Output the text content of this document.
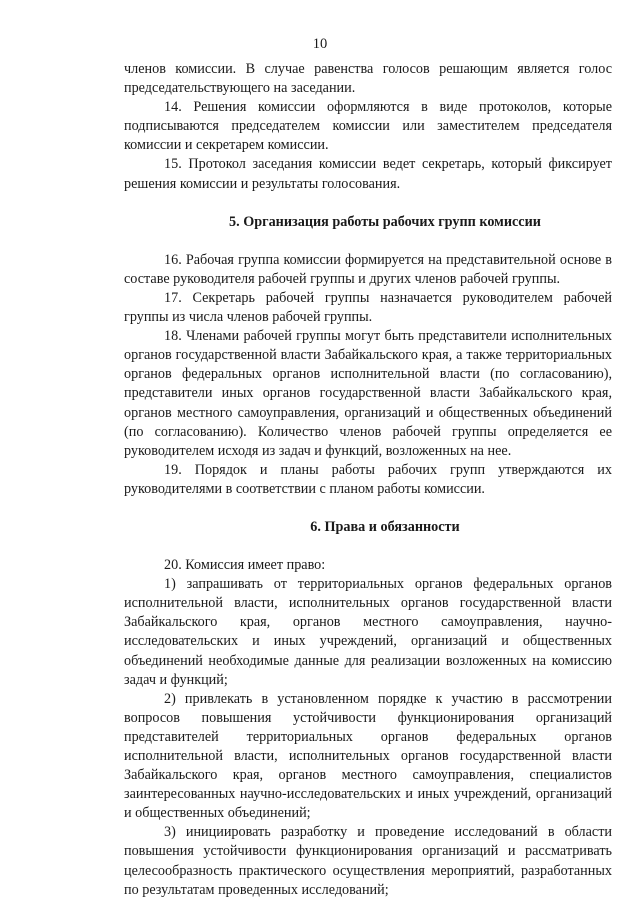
10

членов комиссии. В случае равенства голосов решающим является голос председательствующего на заседании.

14. Решения комиссии оформляются в виде протоколов, которые подписываются председателем комиссии или заместителем председателя комиссии и секретарем комиссии.

15. Протокол заседания комиссии ведет секретарь, который фиксирует решения комиссии и результаты голосования.

5. Организация работы рабочих групп комиссии

16. Рабочая группа комиссии формируется на представительной основе в составе руководителя рабочей группы и других членов рабочей группы.

17. Секретарь рабочей группы назначается руководителем рабочей группы из числа членов рабочей группы.

18. Членами рабочей группы могут быть представители исполнительных органов государственной власти Забайкальского края, а также территориальных органов федеральных органов исполнительной власти (по согласованию), представители иных органов государственной власти Забайкальского края, органов местного самоуправления, организаций и общественных объединений (по согласованию). Количество членов рабочей группы определяется ее руководителем исходя из задач и функций, возложенных на нее.

19. Порядок и планы работы рабочих групп утверждаются их руководителями в соответствии с планом работы комиссии.

6. Права и обязанности

20. Комиссия имеет право:

1) запрашивать от территориальных органов федеральных органов исполнительной власти, исполнительных органов государственной власти Забайкальского края, органов местного самоуправления, научно-исследовательских и иных учреждений, организаций и общественных объединений необходимые данные для реализации возложенных на комиссию задач и функций;

2) привлекать в установленном порядке к участию в рассмотрении вопросов повышения устойчивости функционирования организаций представителей территориальных органов федеральных органов исполнительной власти, исполнительных органов государственной власти Забайкальского края, органов местного самоуправления, специалистов заинтересованных научно-исследовательских и иных учреждений, организаций и общественных объединений;

3) инициировать разработку и проведение исследований в области повышения устойчивости функционирования организаций и рассматривать целесообразность практического осуществления мероприятий, разработанных по результатам проведенных исследований;
